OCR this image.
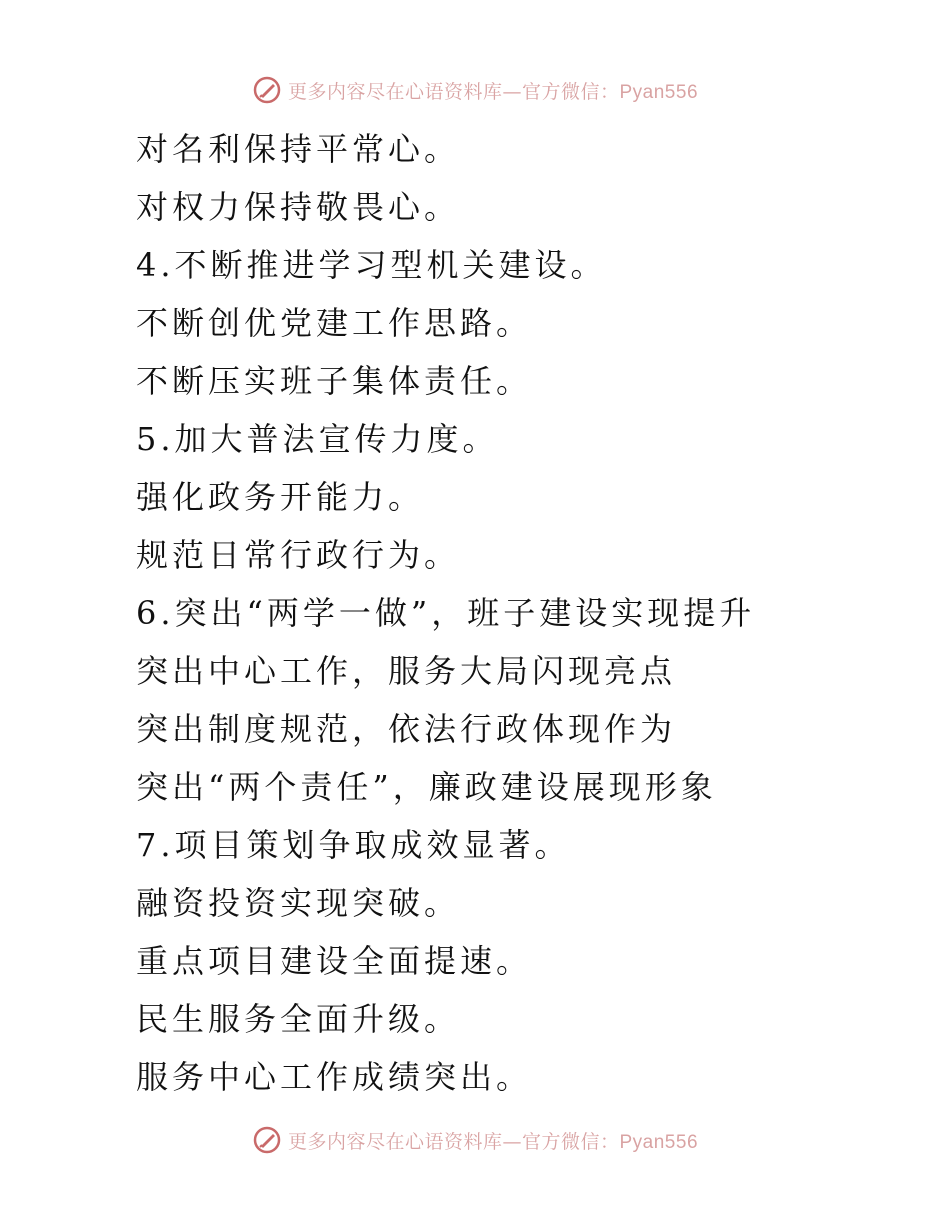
更多内容尽在心语资料库—官方微信：Pyan556
对名利保持平常心。
对权力保持敬畏心。
4.不断推进学习型机关建设。
不断创优党建工作思路。
不断压实班子集体责任。
5.加大普法宣传力度。
强化政务开能力。
规范日常行政行为。
6.突出“两学一做”，班子建设实现提升
突出中心工作，服务大局闪现亮点
突出制度规范，依法行政体现作为
突出“两个责任”，廉政建设展现形象
7.项目策划争取成效显著。
融资投资实现突破。
重点项目建设全面提速。
民生服务全面升级。
服务中心工作成绩突出。
更多内容尽在心语资料库—官方微信：Pyan556
